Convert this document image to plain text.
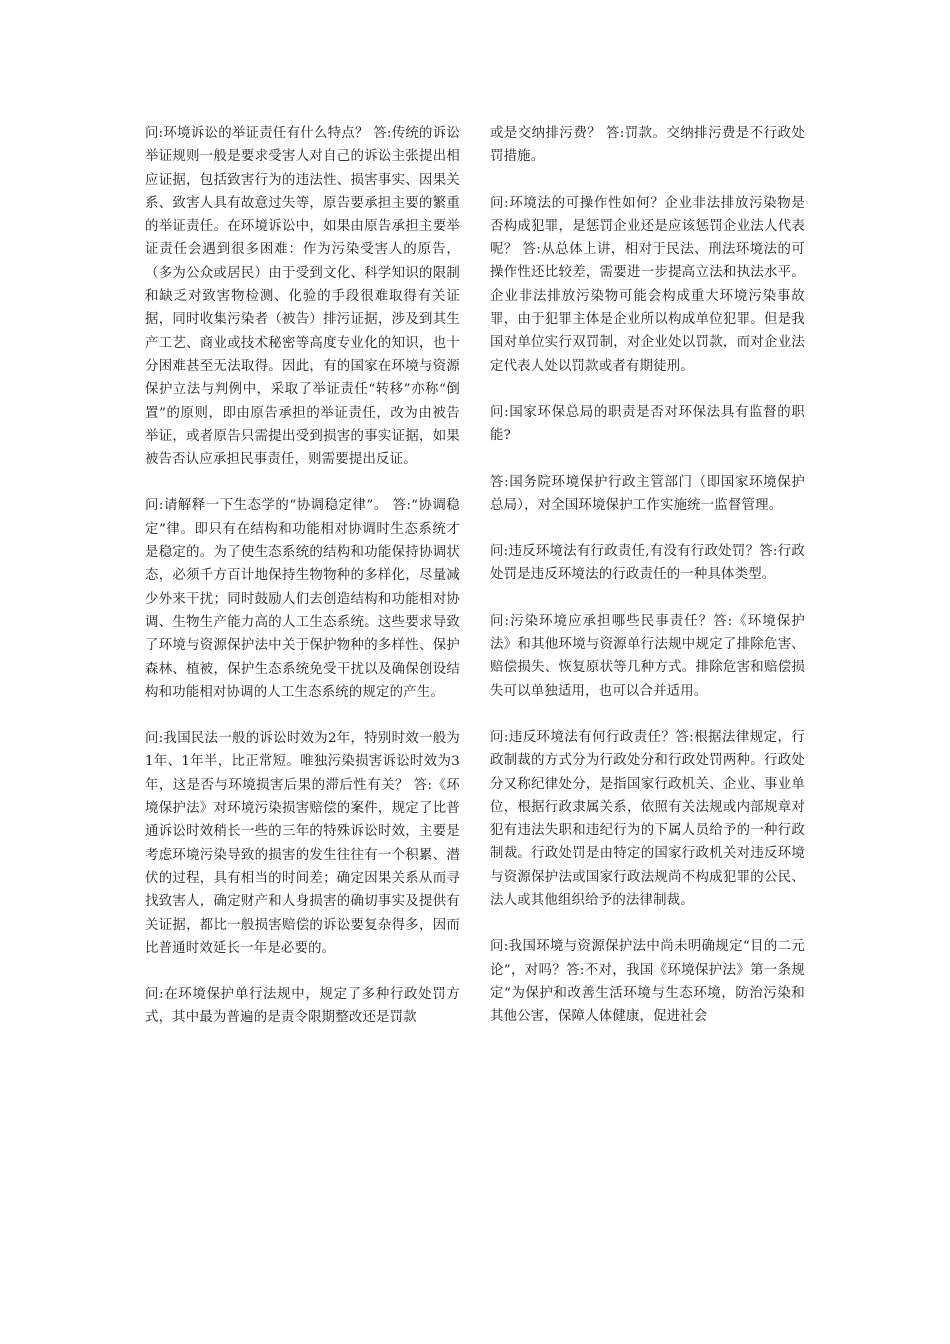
问:环境诉讼的举证责任有什么特点？ 答:传统的诉讼举证规则一般是要求受害人对自己的诉讼主张提出相应证据，包括致害行为的违法性、损害事实、因果关系、致害人具有故意过失等，原告要承担主要的繁重的举证责任。在环境诉讼中，如果由原告承担主要举证责任会遇到很多困难：作为污染受害人的原告，（多为公众或居民）由于受到文化、科学知识的限制和缺乏对致害物检测、化验的手段很难取得有关证据，同时收集污染者（被告）排污证据，涉及到其生产工艺、商业或技术秘密等高度专业化的知识，也十分困难甚至无法取得。因此，有的国家在环境与资源保护立法与判例中，采取了举证责任“转移”亦称“倒置”的原则，即由原告承担的举证责任，改为由被告举证，或者原告只需提出受到损害的事实证据，如果被告否认应承担民事责任，则需要提出反证。

问:请解释一下生态学的“协调稳定律”。 答:“协调稳定”律。即只有在结构和功能相对协调时生态系统才是稳定的。为了使生态系统的结构和功能保持协调状态，必须千方百计地保持生物物种的多样化，尽量减少外来干扰；同时鼓励人们去创造结构和功能相对协调、生物生产能力高的人工生态系统。这些要求导致了环境与资源保护法中关于保护物种的多样性、保护森林、植被，保护生态系统免受干扰以及确保创设结构和功能相对协调的人工生态系统的规定的产生。

问:我国民法一般的诉讼时效为2年，特别时效一般为1年、1年半，比正常短。唯独污染损害诉讼时效为3年，这是否与环境损害后果的滞后性有关？ 答:《环境保护法》对环境污染损害赔偿的案件，规定了比普通诉讼时效稍长一些的三年的特殊诉讼时效，主要是考虑环境污染导致的损害的发生往往有一个积累、潜伏的过程，具有相当的时间差；确定因果关系从而寻找致害人，确定财产和人身损害的确切事实及提供有关证据，都比一般损害赔偿的诉讼要复杂得多，因而比普通时效延长一年是必要的。

问:在环境保护单行法规中，规定了多种行政处罚方式，其中最为普遍的是责令限期整改还是罚款

或是交纳排污费？ 答:罚款。交纳排污费是不行政处罚措施。

问:环境法的可操作性如何？企业非法排放污染物是否构成犯罪，是惩罚企业还是应该惩罚企业法人代表呢？ 答:从总体上讲，相对于民法、刑法环境法的可操作性还比较差，需要进一步提高立法和执法水平。企业非法排放污染物可能会构成重大环境污染事故罪，由于犯罪主体是企业所以构成单位犯罪。但是我国对单位实行双罚制，对企业处以罚款，而对企业法定代表人处以罚款或者有期徒刑。

问:国家环保总局的职责是否对环保法具有监督的职能?

答:国务院环境保护行政主管部门（即国家环境保护总局），对全国环境保护工作实施统一监督管理。

问:违反环境法有行政责任,有没有行政处罚？答:行政处罚是违反环境法的行政责任的一种具体类型。

问:污染环境应承担哪些民事责任？答:《环境保护法》和其他环境与资源单行法规中规定了排除危害、赔偿损失、恢复原状等几种方式。排除危害和赔偿损失可以单独适用，也可以合并适用。

问:违反环境法有何行政责任？答:根据法律规定，行政制裁的方式分为行政处分和行政处罚两种。行政处分又称纪律处分，是指国家行政机关、企业、事业单位，根据行政隶属关系，依照有关法规或内部规章对犯有违法失职和违纪行为的下属人员给予的一种行政制裁。行政处罚是由特定的国家行政机关对违反环境与资源保护法或国家行政法规尚不构成犯罪的公民、法人或其他组织给予的法律制裁。

问:我国环境与资源保护法中尚未明确规定“目的二元论”，对吗？答:不对，我国《环境保护法》第一条规定“为保护和改善生活环境与生态环境，防治污染和其他公害，保障人体健康，促进社会
